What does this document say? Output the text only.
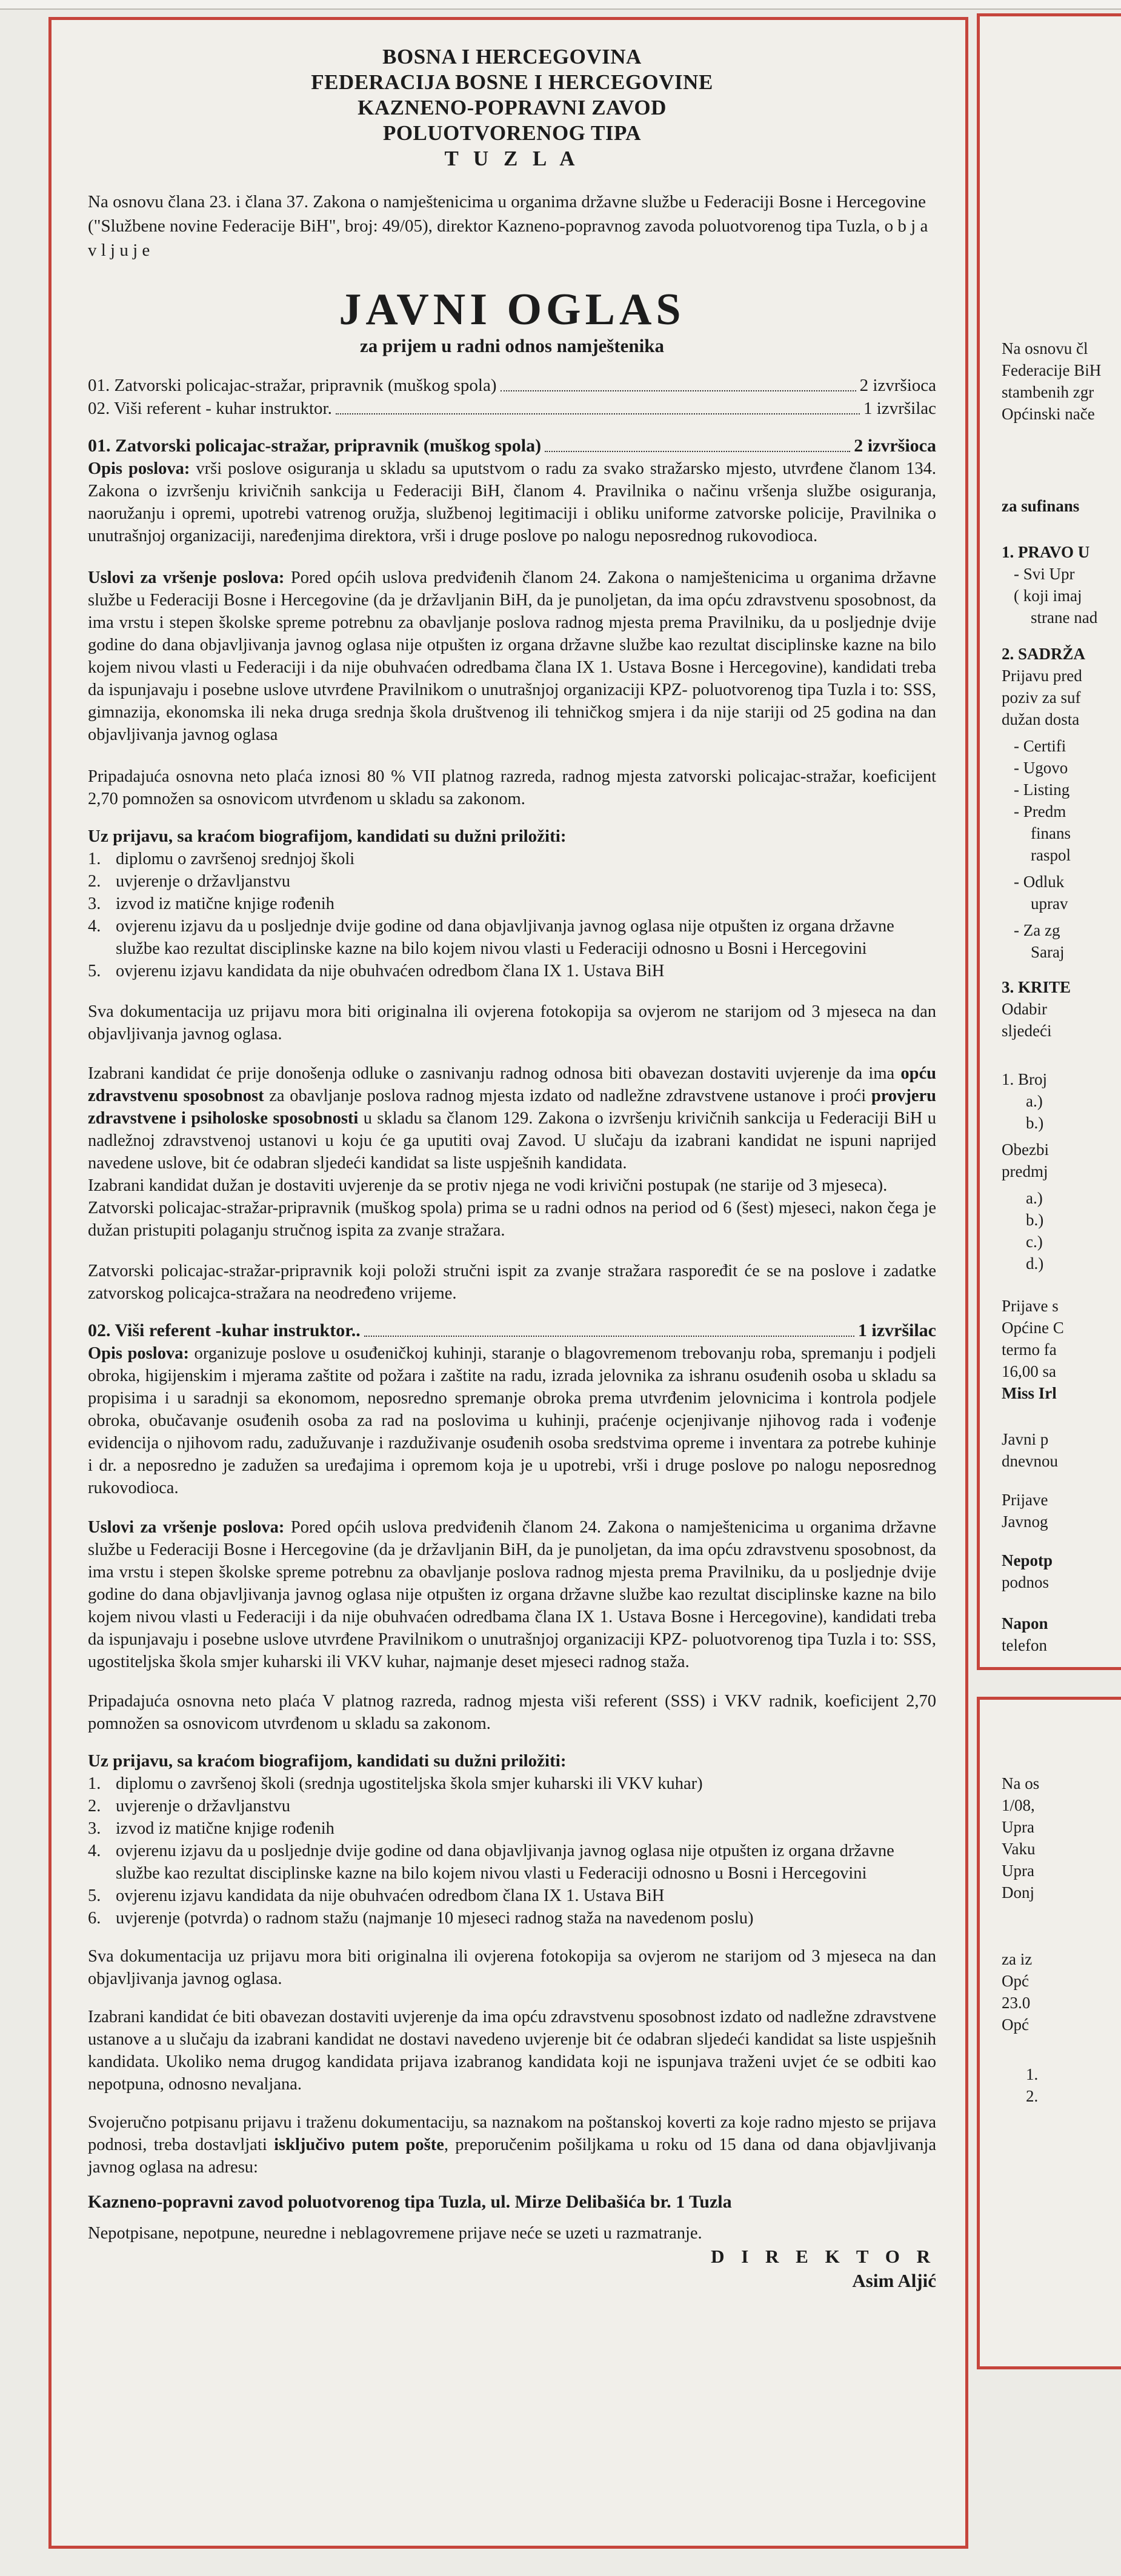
BOSNA I HERCEGOVINA
FEDERACIJA BOSNE I HERCEGOVINE
KAZNENO-POPRAVNI ZAVOD
POLUOTVORENOG TIPA
T U Z L A
Na osnovu člana 23. i člana 37. Zakona o namještenicima u organima državne službe u Federaciji Bosne i Hercegovine ("Službene novine Federacije BiH", broj: 49/05), direktor Kazneno-popravnog zavoda poluotvorenog tipa Tuzla, o b j a v l j u j e
JAVNI OGLAS
za prijem u radni odnos namještenika
01. Zatvorski policajac-stražar, pripravnik (muškog spola)	2 izvršioca
02. Viši referent - kuhar instruktor.	1 izvršilac
01. Zatvorski policajac-stražar, pripravnik (muškog spola)	2 izvršioca
Opis poslova: vrši poslove osiguranja u skladu sa uputstvom o radu za svako stražarsko mjesto, utvrđene članom 134. Zakona o izvršenju krivičnih sankcija u Federaciji BiH, članom 4. Pravilnika o načinu vršenja službe osiguranja, naoružanju i opremi, upotrebi vatrenog oružja, službenoj legitimaciji i obliku uniforme zatvorske policije, Pravilnika o unutrašnjoj organizaciji, naređenjima direktora, vrši i druge poslove po nalogu neposrednog rukovodioca.
Uslovi za vršenje poslova: Pored općih uslova predviđenih članom 24. Zakona o namještenicima u organima državne službe u Federaciji Bosne i Hercegovine (da je državljanin BiH, da je punoljetan, da ima opću zdravstvenu sposobnost, da ima vrstu i stepen školske spreme potrebnu za obavljanje poslova radnog mjesta prema Pravilniku, da u posljednje dvije godine do dana objavljivanja javnog oglasa nije otpušten iz organa državne službe kao rezultat disciplinske kazne na bilo kojem nivou vlasti u Federaciji i da nije obuhvaćen odredbama člana IX 1. Ustava Bosne i Hercegovine), kandidati treba da ispunjavaju i posebne uslove utvrđene Pravilnikom o unutrašnjoj organizaciji KPZ- poluotvorenog tipa Tuzla i to: SSS, gimnazija, ekonomska ili neka druga srednja škola društvenog ili tehničkog smjera i da nije stariji od 25 godina na dan objavljivanja javnog oglasa
Pripadajuća osnovna neto plaća iznosi 80 % VII platnog razreda, radnog mjesta zatvorski policajac-stražar, koeficijent 2,70 pomnožen sa osnovicom utvrđenom u skladu sa zakonom.
Uz prijavu, sa kraćom biografijom, kandidati su dužni priložiti:
1. diplomu o završenoj srednjoj školi
2. uvjerenje o državljanstvu
3. izvod iz matične knjige rođenih
4. ovjerenu izjavu da u posljednje dvije godine od dana objavljivanja javnog oglasa nije otpušten iz organa državne službe kao rezultat disciplinske kazne na bilo kojem nivou vlasti u Federaciji odnosno u Bosni i Hercegovini
5. ovjerenu izjavu kandidata da nije obuhvaćen odredbom člana IX 1. Ustava BiH
Sva dokumentacija uz prijavu mora biti originalna ili ovjerena fotokopija sa ovjerom ne starijom od 3 mjeseca na dan objavljivanja javnog oglasa.
Izabrani kandidat će prije donošenja odluke o zasnivanju radnog odnosa biti obavezan dostaviti uvjerenje da ima opću zdravstvenu sposobnost za obavljanje poslova radnog mjesta izdato od nadležne zdravstvene ustanove i proći provjeru zdravstvene i psiholoske sposobnosti u skladu sa članom 129. Zakona o izvršenju krivičnih sankcija u Federaciji BiH u nadležnoj zdravstvenoj ustanovi u koju će ga uputiti ovaj Zavod. U slučaju da izabrani kandidat ne ispuni naprijed navedene uslove, bit će odabran sljedeći kandidat sa liste uspješnih kandidata.
Izabrani kandidat dužan je dostaviti uvjerenje da se protiv njega ne vodi krivični postupak (ne starije od 3 mjeseca).
Zatvorski policajac-stražar-pripravnik (muškog spola) prima se u radni odnos na period od 6 (šest) mjeseci, nakon čega je dužan pristupiti polaganju stručnog ispita za zvanje stražara.
Zatvorski policajac-stražar-pripravnik koji položi stručni ispit za zvanje stražara raspoređit će se na poslove i zadatke zatvorskog policajca-stražara na neodređeno vrijeme.
02. Viši referent -kuhar instruktor..	1 izvršilac
Opis poslova: organizuje poslove u osuđeničkoj kuhinji, staranje o blagovremenom trebovanju roba, spremanju i podjeli obroka, higijenskim i mjerama zaštite od požara i zaštite na radu, izrada jelovnika za ishranu osuđenih osoba u skladu sa propisima i u saradnji sa ekonomom, neposredno spremanje obroka prema utvrđenim jelovnicima i kontrola podjele obroka, obučavanje osuđenih osoba za rad na poslovima u kuhinji, praćenje ocjenjivanje njihovog rada i vođenje evidencija o njihovom radu, zadužuvanje i razduživanje osuđenih osoba sredstvima opreme i inventara za potrebe kuhinje i dr. a neposredno je zadužen sa uređajima i opremom koja je u upotrebi, vrši i druge poslove po nalogu neposrednog rukovodioca.
Uslovi za vršenje poslova: Pored općih uslova predviđenih članom 24. Zakona o namještenicima u organima državne službe u Federaciji Bosne i Hercegovine (da je državljanin BiH, da je punoljetan, da ima opću zdravstvenu sposobnost, da ima vrstu i stepen školske spreme potrebnu za obavljanje poslova radnog mjesta prema Pravilniku, da u posljednje dvije godine do dana objavljivanja javnog oglasa nije otpušten iz organa državne službe kao rezultat disciplinske kazne na bilo kojem nivou vlasti u Federaciji i da nije obuhvaćen odredbama člana IX 1. Ustava Bosne i Hercegovine), kandidati treba da ispunjavaju i posebne uslove utvrđene Pravilnikom o unutrašnjoj organizaciji KPZ- poluotvorenog tipa Tuzla i to: SSS, ugostiteljska škola smjer kuharski ili VKV kuhar, najmanje deset mjeseci radnog staža.
Pripadajuća osnovna neto plaća V platnog razreda, radnog mjesta viši referent (SSS) i VKV radnik, koeficijent 2,70 pomnožen sa osnovicom utvrđenom u skladu sa zakonom.
Uz prijavu, sa kraćom biografijom, kandidati su dužni priložiti:
1. diplomu o završenoj školi (srednja ugostiteljska škola smjer kuharski ili VKV kuhar)
2. uvjerenje o državljanstvu
3. izvod iz matične knjige rođenih
4. ovjerenu izjavu da u posljednje dvije godine od dana objavljivanja javnog oglasa nije otpušten iz organa državne službe kao rezultat disciplinske kazne na bilo kojem nivou vlasti u Federaciji odnosno u Bosni i Hercegovini
5. ovjerenu izjavu kandidata da nije obuhvaćen odredbom člana IX 1. Ustava BiH
6. uvjerenje (potvrda) o radnom stažu (najmanje 10 mjeseci radnog staža na navedenom poslu)
Sva dokumentacija uz prijavu mora biti originalna ili ovjerena fotokopija sa ovjerom ne starijom od 3 mjeseca na dan objavljivanja javnog oglasa.
Izabrani kandidat će biti obavezan dostaviti uvjerenje da ima opću zdravstvenu sposobnost izdato od nadležne zdravstvene ustanove a u slučaju da izabrani kandidat ne dostavi navedeno uvjerenje bit će odabran sljedeći kandidat sa liste uspješnih kandidata. Ukoliko nema drugog kandidata prijava izabranog kandidata koji ne ispunjava traženi uvjet će se odbiti kao nepotpuna, odnosno nevaljana.
Svojeručno potpisanu prijavu i traženu dokumentaciju, sa naznakom na poštanskoj koverti za koje radno mjesto se prijava podnosi, treba dostavljati isključivo putem pošte, preporučenim pošiljkama u roku od 15 dana od dana objavljivanja javnog oglasa na adresu:
Kazneno-popravni zavod poluotvorenog tipa Tuzla, ul. Mirze Delibašića br. 1 Tuzla
Nepotpisane, nepotpune, neuredne i neblagovremene prijave neće se uzeti u razmatranje.
D I R E K T O R
Asim Aljić
Na osnovu čl
Federacije BiH
stambenih zgr
Općinski nače
za sufinans
1. PRAVO U
- Svi Upr
( koji imaj
strane nad
2. SADRŽA
Prijavu pred
poziv za suf
dužan dosta
- Certifi
- Ugovo
- Listing
- Predm
finans
raspol
- Odluk
uprav
- Za zg
Saraj
3. KRITE
Odabir
sljedeći
1. Broj
a.)
b.)
Obezbi
predmj
a.)
b.)
c.)
d.)
Prijave s
Općine C
termo fa
16,00 sa
Miss Irl
Javni p
dnevnou
Prijave
Javnog
Nepotp
podnos
Napon
telefon
Na os
1/08,
Upra
Vaku
Upra
Donj
za iz
Opć
23.0
Opć
1.
2.
